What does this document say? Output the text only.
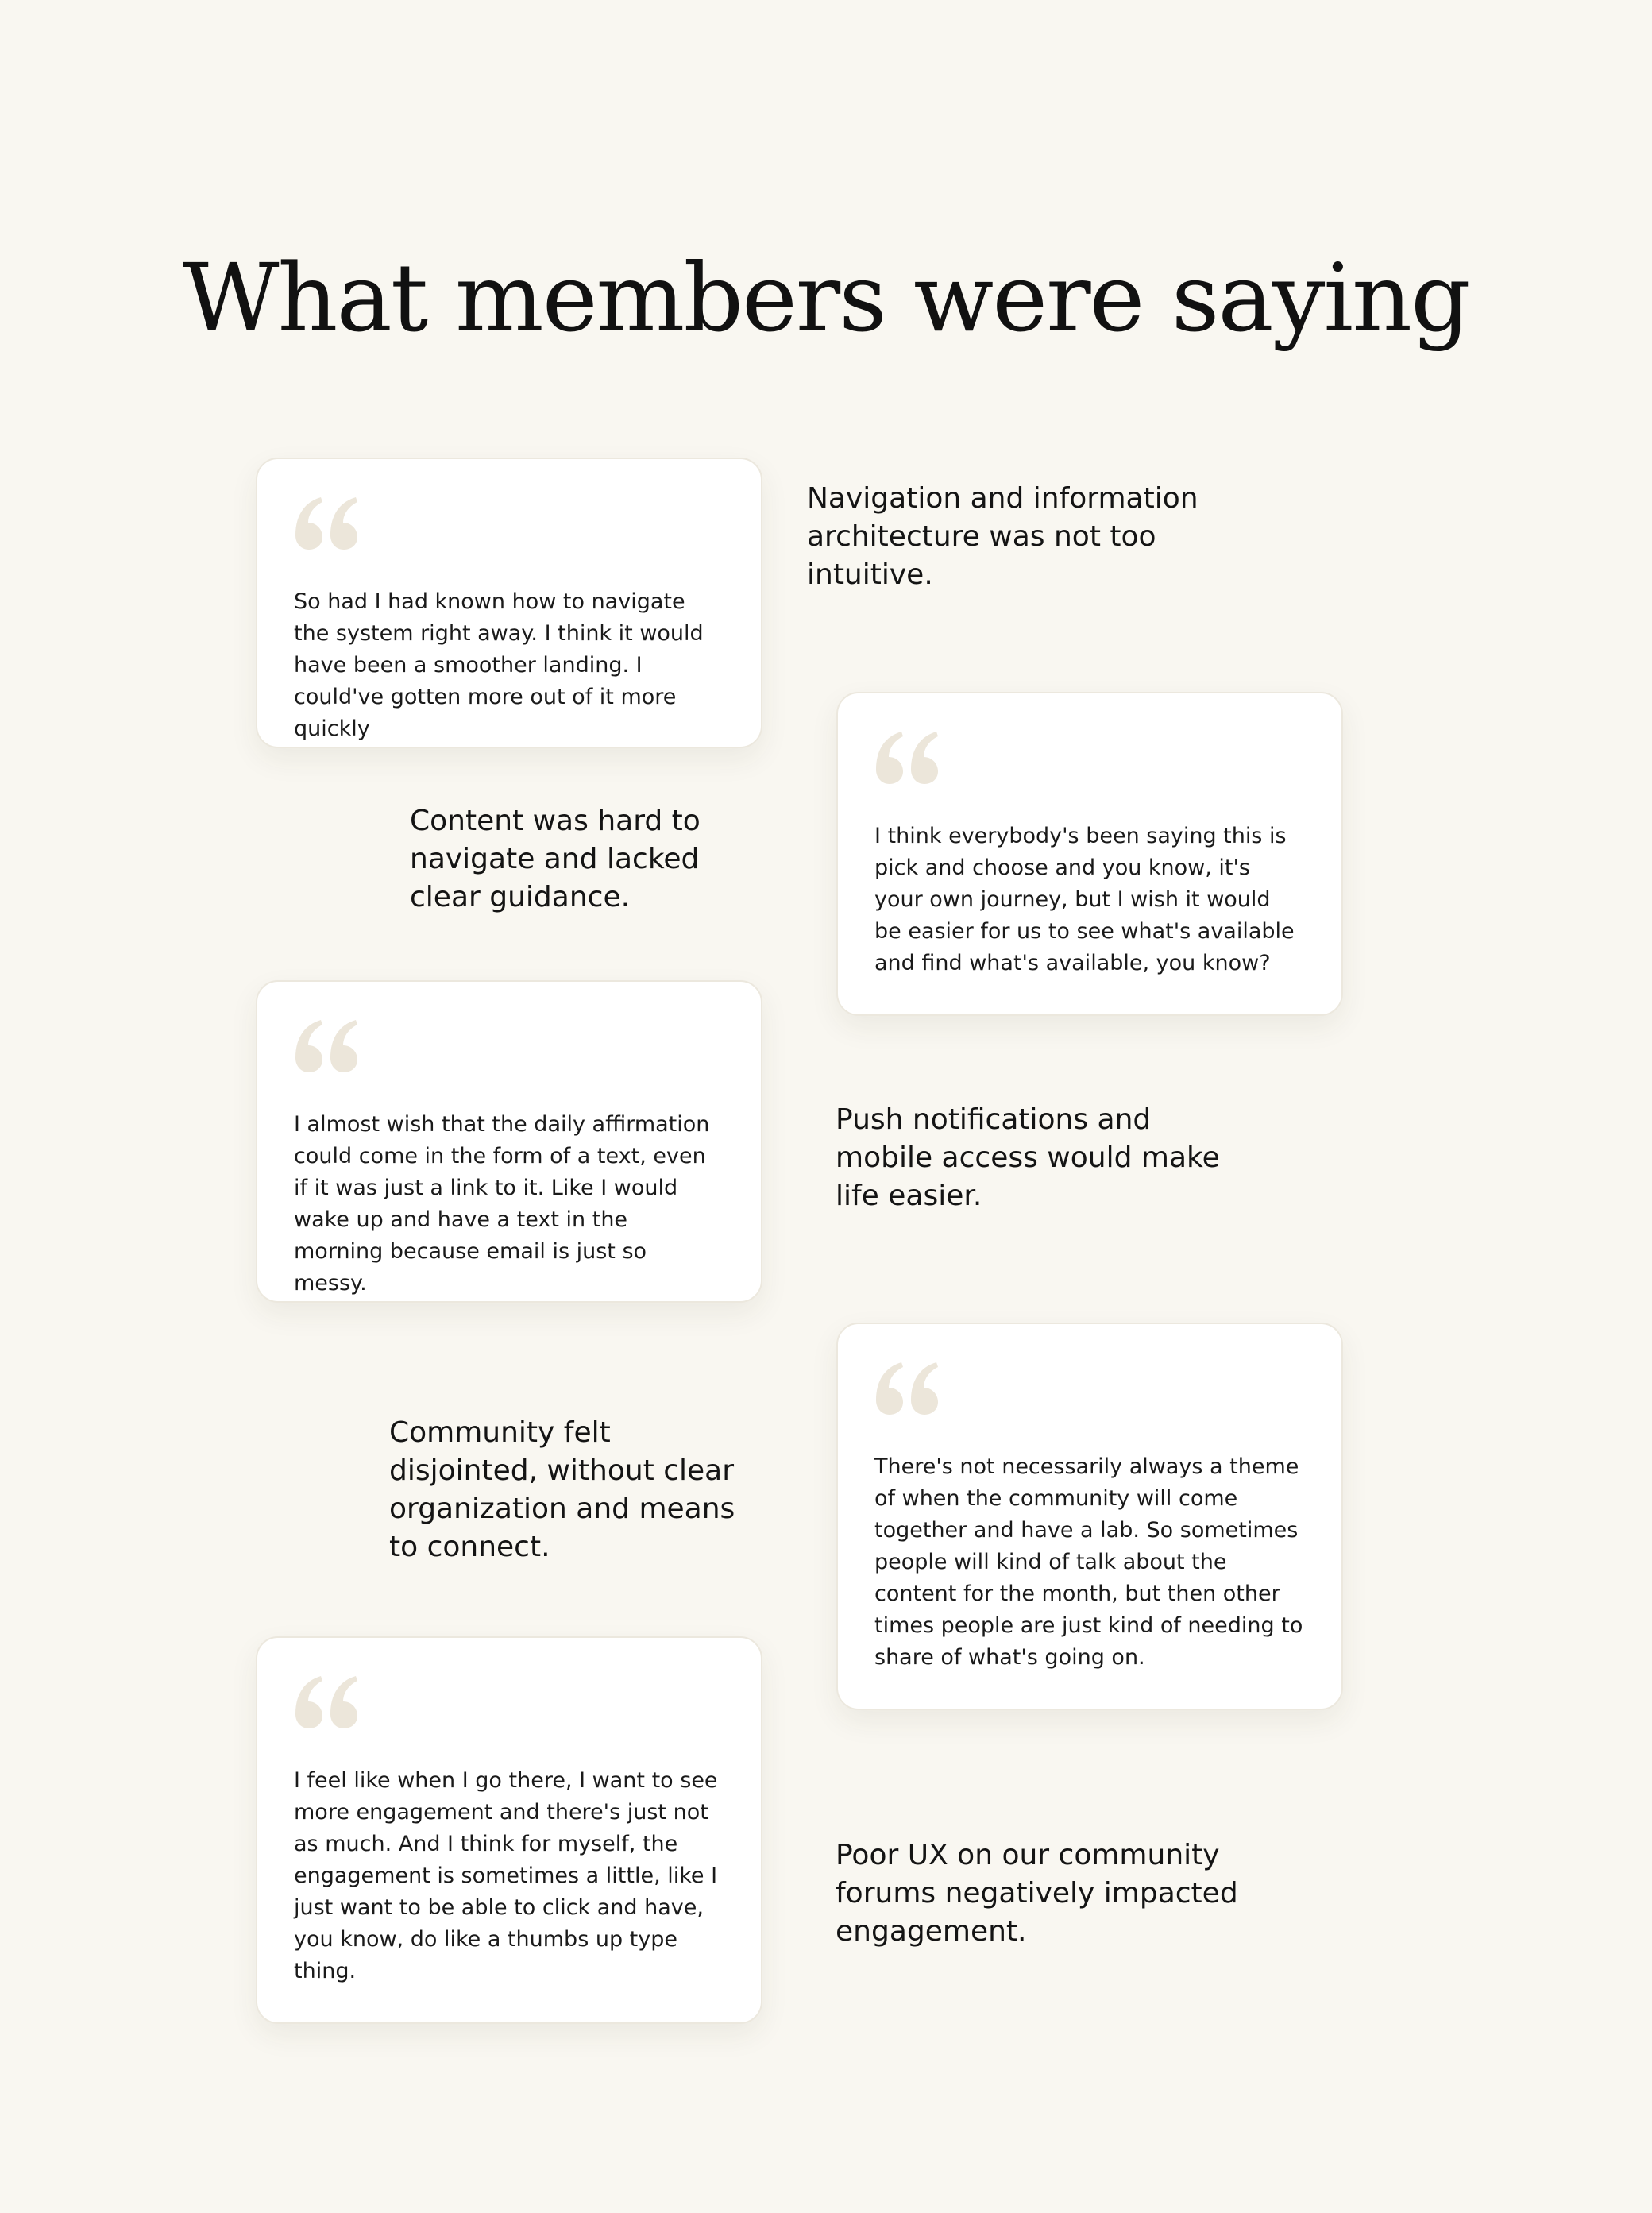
What members were saying

So had I had known how to navigate the system right away. I think it would have been a smoother landing. I could've gotten more out of it more quickly

Navigation and information architecture was not too intuitive.

I think everybody's been saying this is pick and choose and you know, it's your own journey, but I wish it would be easier for us to see what's available and find what's available, you know?

Content was hard to navigate and lacked clear guidance.

I almost wish that the daily affirmation could come in the form of a text, even if it was just a link to it. Like I would wake up and have a text in the morning because email is just so messy.

Push notifications and mobile access would make life easier.

There's not necessarily always a theme of when the community will come together and have a lab. So sometimes people will kind of talk about the content for the month, but then other times people are just kind of needing to share of what's going on.

Community felt disjointed, without clear organization and means to connect.

I feel like when I go there, I want to see more engagement and there's just not as much. And I think for myself, the engagement is sometimes a little, like I just want to be able to click and have, you know, do like a thumbs up type thing.

Poor UX on our community forums negatively impacted engagement.
